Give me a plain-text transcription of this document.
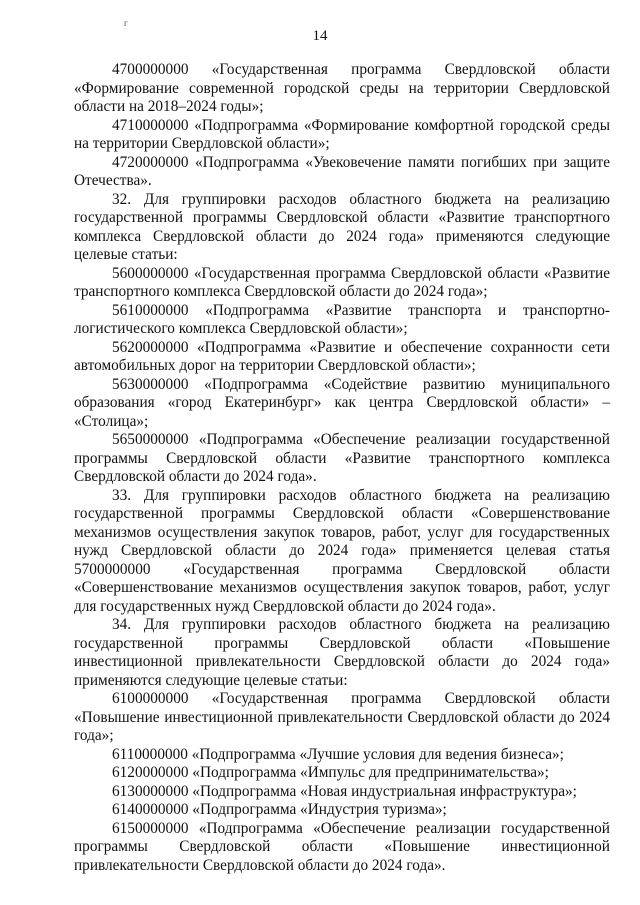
г
14

4700000000 «Государственная программа Свердловской области «Формирование современной городской среды на территории Свердловской области на 2018–2024 годы»;

4710000000 «Подпрограмма «Формирование комфортной городской среды на территории Свердловской области»;

4720000000 «Подпрограмма «Увековечение памяти погибших при защите Отечества».

32. Для группировки расходов областного бюджета на реализацию государственной программы Свердловской области «Развитие транспортного комплекса Свердловской области до 2024 года» применяются следующие целевые статьи:

5600000000 «Государственная программа Свердловской области «Развитие транспортного комплекса Свердловской области до 2024 года»;

5610000000 «Подпрограмма «Развитие транспорта и транспортно-логистического комплекса Свердловской области»;

5620000000 «Подпрограмма «Развитие и обеспечение сохранности сети автомобильных дорог на территории Свердловской области»;

5630000000 «Подпрограмма «Содействие развитию муниципального образования «город Екатеринбург» как центра Свердловской области» – «Столица»;

5650000000 «Подпрограмма «Обеспечение реализации государственной программы Свердловской области «Развитие транспортного комплекса Свердловской области до 2024 года».

33. Для группировки расходов областного бюджета на реализацию государственной программы Свердловской области «Совершенствование механизмов осуществления закупок товаров, работ, услуг для государственных нужд Свердловской области до 2024 года» применяется целевая статья 5700000000 «Государственная программа Свердловской области «Совершенствование механизмов осуществления закупок товаров, работ, услуг для государственных нужд Свердловской области до 2024 года».

34. Для группировки расходов областного бюджета на реализацию государственной программы Свердловской области «Повышение инвестиционной привлекательности Свердловской области до 2024 года» применяются следующие целевые статьи:

6100000000 «Государственная программа Свердловской области «Повышение инвестиционной привлекательности Свердловской области до 2024 года»;

6110000000 «Подпрограмма «Лучшие условия для ведения бизнеса»;

6120000000 «Подпрограмма «Импульс для предпринимательства»;

6130000000 «Подпрограмма «Новая индустриальная инфраструктура»;

6140000000 «Подпрограмма «Индустрия туризма»;

6150000000 «Подпрограмма «Обеспечение реализации государственной программы Свердловской области «Повышение инвестиционной привлекательности Свердловской области до 2024 года».
